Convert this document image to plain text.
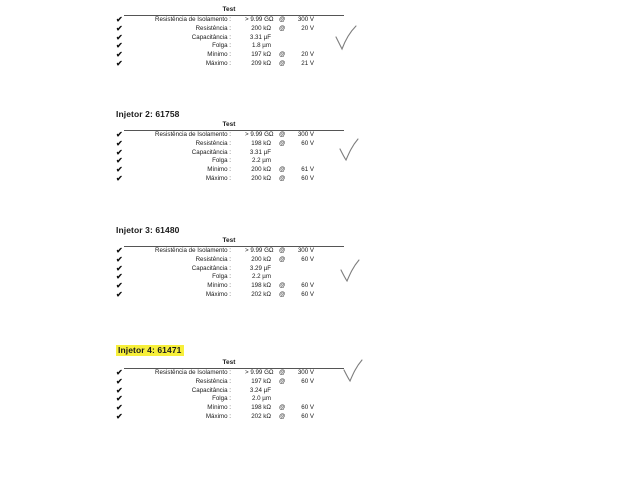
Test
✔	Resistência de Isolamento : > 9.99 GΩ @	300 V
✔	Resistência :	200 kΩ @	20 V
✔	Capacitância :	3.31 µF
✔	Folga :	1.8 µm
✔	Mínimo :	197 kΩ @	20 V
✔	Máximo :	209 kΩ @	21 V
Injetor 2: 61758
Test
✔	Resistência de Isolamento : > 9.99 GΩ @	300 V
✔	Resistência :	198 kΩ @	60 V
✔	Capacitância :	3.31 µF
✔	Folga :	2.2 µm
✔	Mínimo :	200 kΩ @	61 V
✔	Máximo :	200 kΩ @	60 V
Injetor 3: 61480
Test
✔	Resistência de Isolamento : > 9.99 GΩ @	300 V
✔	Resistência :	200 kΩ @	60 V
✔	Capacitância :	3.29 µF
✔	Folga :	2.2 µm
✔	Mínimo :	198 kΩ @	60 V
✔	Máximo :	202 kΩ @	60 V
Injetor 4: 61471
Test
✔	Resistência de Isolamento : > 9.99 GΩ @	300 V
✔	Resistência :	197 kΩ @	60 V
✔	Capacitância :	3.24 µF
✔	Folga :	2.0 µm
✔	Mínimo :	198 kΩ @	60 V
✔	Máximo :	202 kΩ @	60 V
